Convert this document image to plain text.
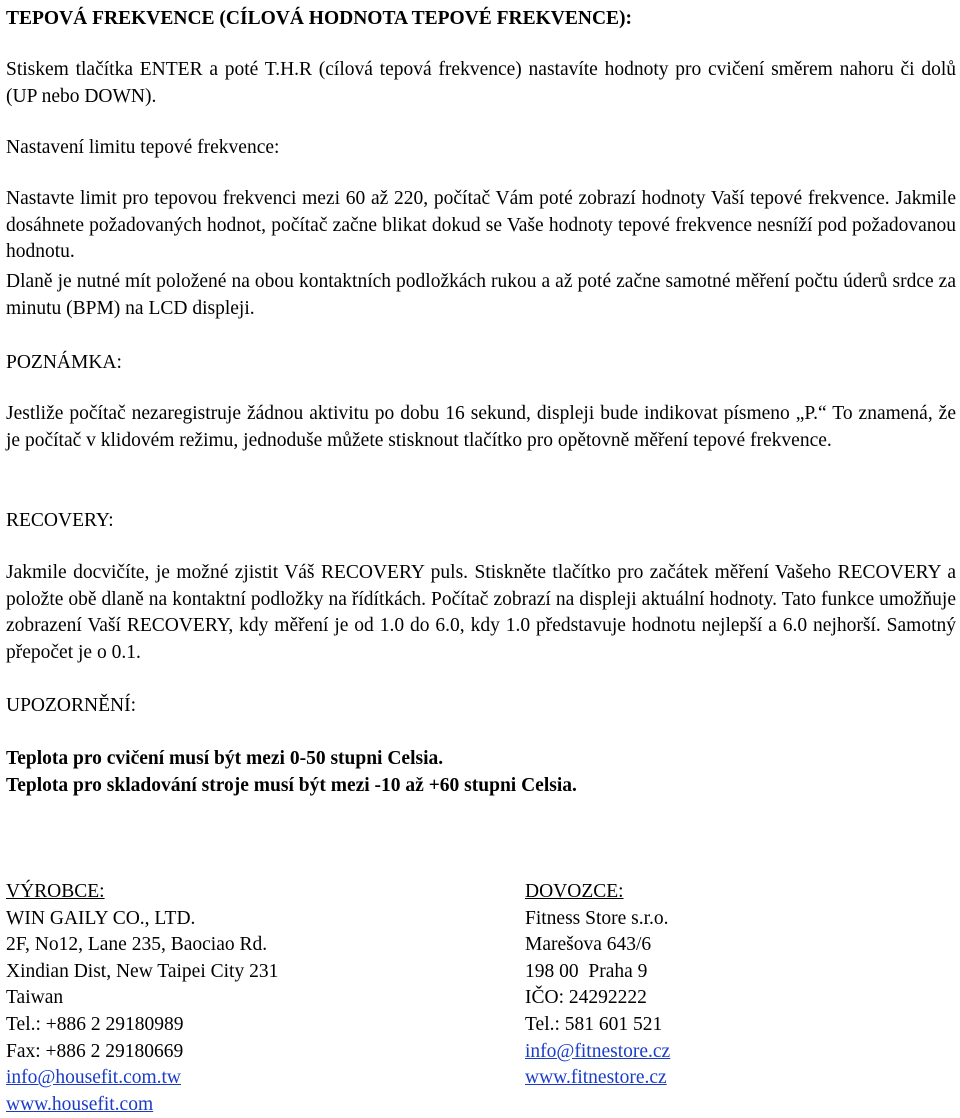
TEPOVÁ FREKVENCE (CÍLOVÁ HODNOTA TEPOVÉ FREKVENCE):
Stiskem tlačítka ENTER a poté T.H.R (cílová tepová frekvence) nastavíte hodnoty pro cvičení směrem nahoru či dolů (UP nebo DOWN).
Nastavení limitu tepové frekvence:
Nastavte limit pro tepovou frekvenci mezi 60 až 220, počítač Vám poté zobrazí hodnoty Vaší tepové frekvence. Jakmile dosáhnete požadovaných hodnot, počítač začne blikat dokud se Vaše hodnoty tepové frekvence nesníží pod požadovanou hodnotu.
Dlaně je nutné mít položené na obou kontaktních podložkách rukou a až poté začne samotné měření počtu úderů srdce za minutu (BPM) na LCD displeji.
POZNÁMKA:
Jestliže počítač nezaregistruje žádnou aktivitu po dobu 16 sekund, displeji bude indikovat písmeno „P.“ To znamená, že je počítač v klidovém režimu, jednoduše můžete stisknout tlačítko pro opětovně měření tepové frekvence.
RECOVERY:
Jakmile docvičíte, je možné zjistit Váš RECOVERY puls. Stiskněte tlačítko pro začátek měření Vašeho RECOVERY a položte obě dlaně na kontaktní podložky na řídítkách. Počítač zobrazí na displeji aktuální hodnoty. Tato funkce umožňuje zobrazení Vaší RECOVERY, kdy měření je od 1.0 do 6.0, kdy 1.0 představuje hodnotu nejlepší a 6.0 nejhorší. Samotný přepočet je o 0.1.
UPOZORNĚNÍ:
Teplota pro cvičení musí být mezi 0-50 stupni Celsia.
Teplota pro skladování stroje musí být mezi -10 až +60 stupni Celsia.
VÝROBCE:
WIN GAILY CO., LTD.
2F, No12, Lane 235, Baociao Rd.
Xindian Dist, New Taipei City 231
Taiwan
Tel.: +886 2 29180989
Fax: +886 2 29180669
info@housefit.com.tw
www.housefit.com
DOVOZCE:
Fitness Store s.r.o.
Marešova 643/6
198 00  Praha 9
IČO: 24292222
Tel.: 581 601 521
info@fitnestore.cz
www.fitnestore.cz
